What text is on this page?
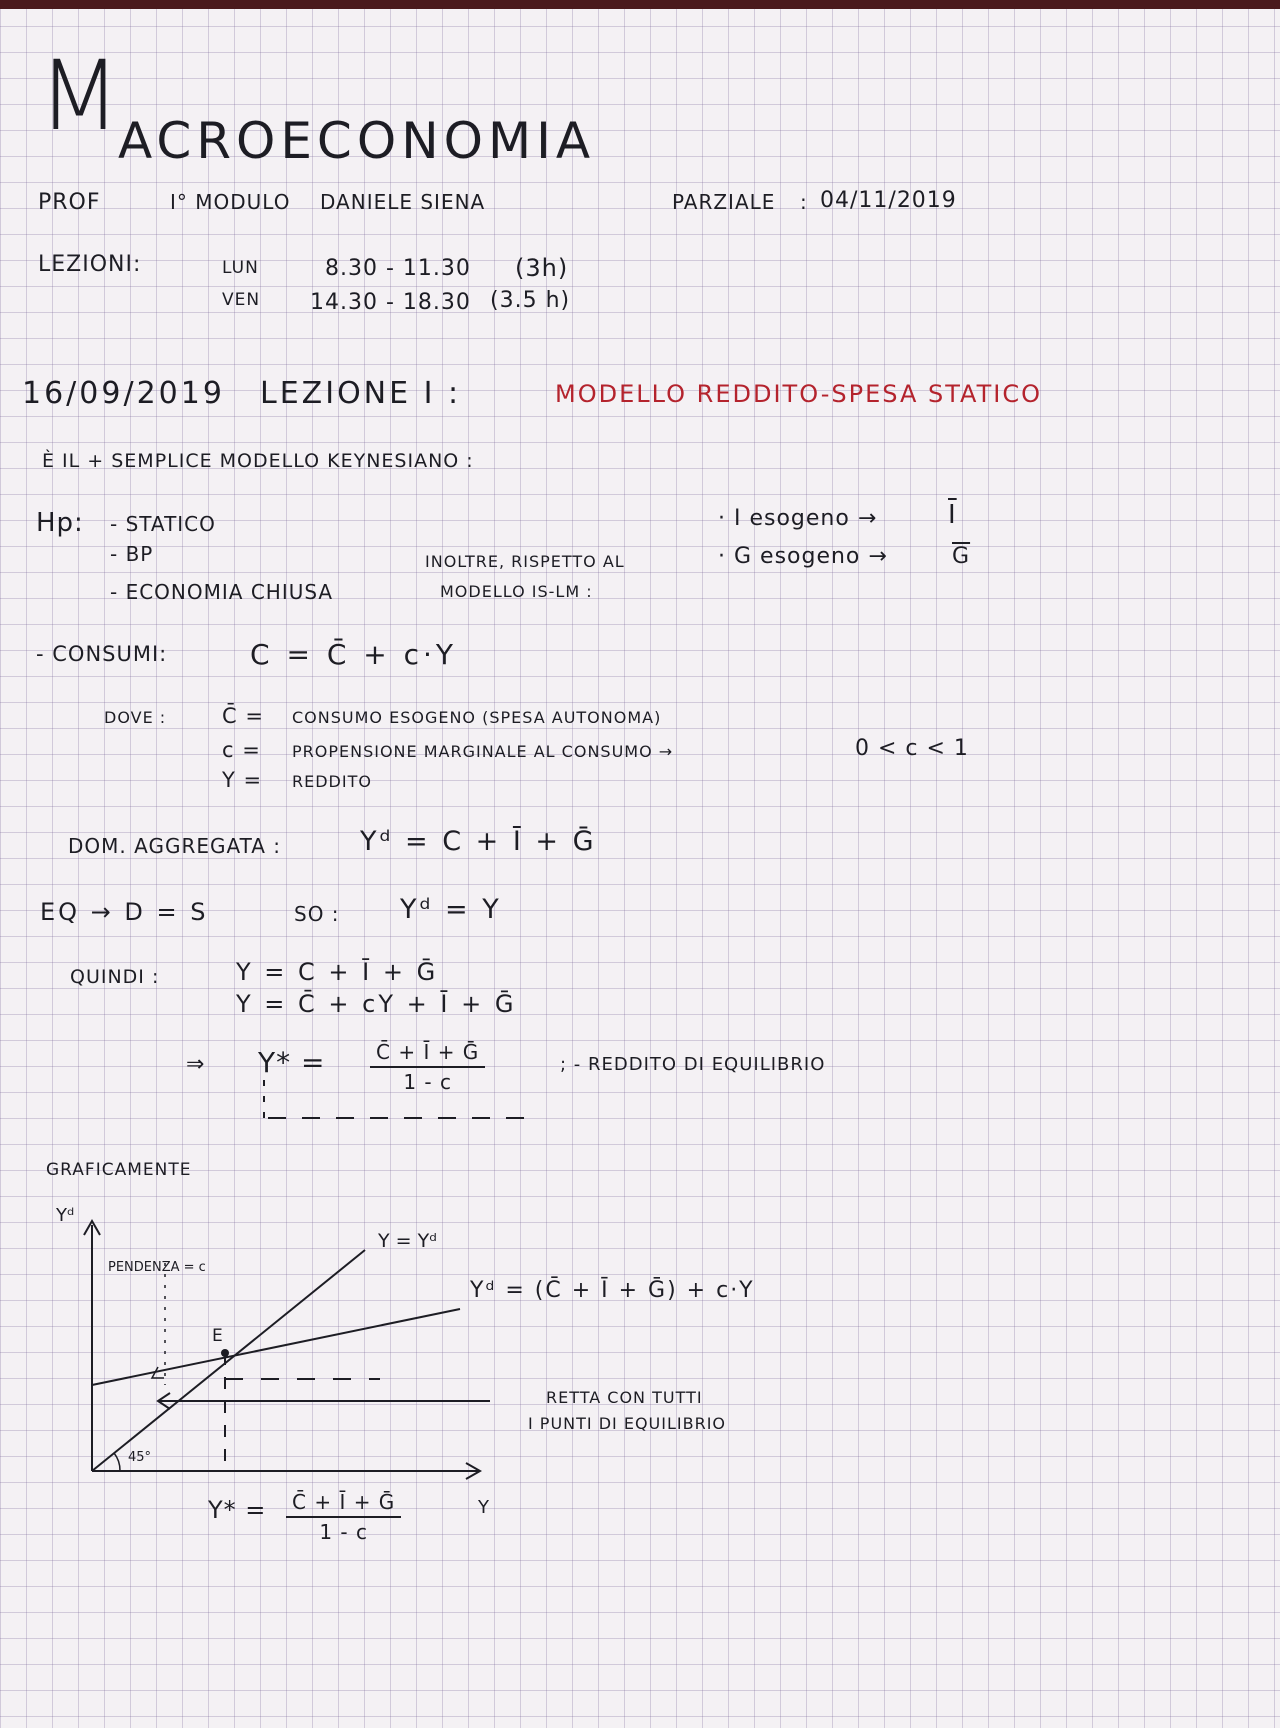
M
ACROECONOMIA
PROF	I° MODULO DANIELE SIENA	PARZIALE : 04/11/2019
LEZIONI:	LUN	8.30 - 11.30 (3h)
VEN 14.30 - 18.30 (3.5 h)
16/09/2019 LEZIONE I :	MODELLO REDDITO-SPESA STATICO
È IL + SEMPLICE MODELLO KEYNESIANO :
Hp: - STATICO
- BP
- ECONOMIA CHIUSA
INOLTRE, RISPETTO AL
MODELLO IS-LM :
· I esogeno →	$\overline{I}$
· G esogeno →	$\overline{G}$
- CONSUMI:	C = C̄ + c·Y
DOVE :	C̄ = CONSUMO ESOGENO (SPESA AUTONOMA)
c = PROPENSIONE MARGINALE AL CONSUMO →	0 < c < 1
Y = REDDITO
DOM. AGGREGATA :	Yᵈ = C + Ī + Ḡ
EQ → D = S	SO : Yᵈ = Y
QUINDI :	Y = C + Ī + Ḡ
Y = C̄ + cY + Ī + Ḡ
⇒ $Y* = \frac{\text{C̄ + Ī + Ḡ}}{1 - c}$	; - REDDITO DI EQUILIBRIO
GRAFICAMENTE
Yᵈ
Y
Y = Yᵈ
PENDENZA = c
E
45°
Yᵈ = (C̄ + Ī + Ḡ) + c·Y
RETTA CON TUTTI
I PUNTI DI EQUILIBRIO
$Y* = \frac{\text{C̄ + Ī + Ḡ}}{1 - c}$
